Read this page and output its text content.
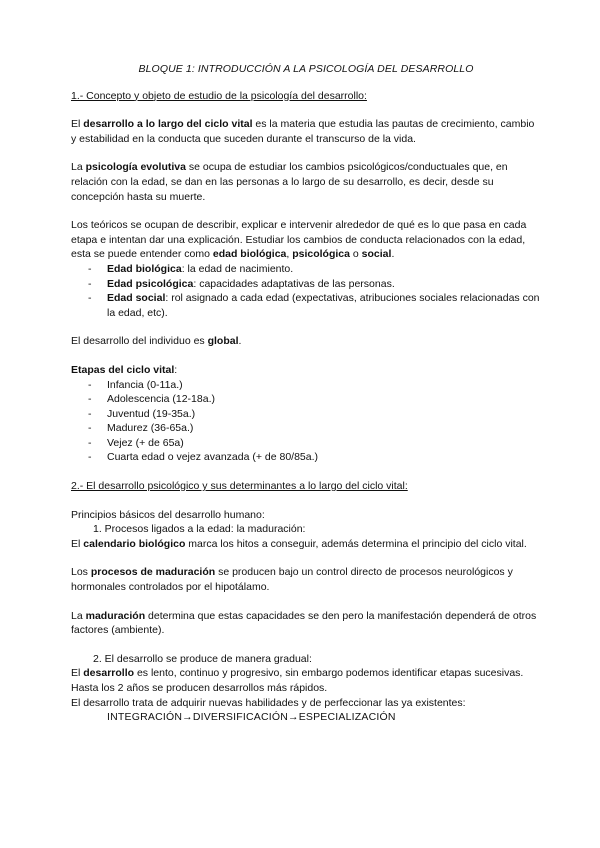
BLOQUE 1: INTRODUCCIÓN A LA PSICOLOGÍA DEL DESARROLLO
1.- Concepto y objeto de estudio de la psicología del desarrollo:

El desarrollo a lo largo del ciclo vital es la materia que estudia las pautas de crecimiento, cambio y estabilidad en la conducta que suceden durante el transcurso de la vida.

La psicología evolutiva se ocupa de estudiar los cambios psicológicos/conductuales que, en relación con la edad, se dan en las personas a lo largo de su desarrollo, es decir, desde su concepción hasta su muerte.

Los teóricos se ocupan de describir, explicar e intervenir alrededor de qué es lo que pasa en cada etapa e intentan dar una explicación. Estudiar los cambios de conducta relacionados con la edad, esta se puede entender como edad biológica, psicológica o social.

- Edad biológica: la edad de nacimiento.
- Edad psicológica: capacidades adaptativas de las personas.
- Edad social: rol asignado a cada edad (expectativas, atribuciones sociales relacionadas con la edad, etc).

El desarrollo del individuo es global.

Etapas del ciclo vital:

- Infancia (0-11a.)
- Adolescencia (12-18a.)
- Juventud (19-35a.)
- Madurez (36-65a.)
- Vejez (+ de 65a)
- Cuarta edad o vejez avanzada (+ de 80/85a.)
2.- El desarrollo psicológico y sus determinantes a lo largo del ciclo vital:

Principios básicos del desarrollo humano:

1. Procesos ligados a la edad: la maduración:

El calendario biológico marca los hitos a conseguir, además determina el principio del ciclo vital.

Los procesos de maduración se producen bajo un control directo de procesos neurológicos y hormonales controlados por el hipotálamo.

La maduración determina que estas capacidades se den pero la manifestación dependerá de otros factores (ambiente).

2. El desarrollo se produce de manera gradual:

El desarrollo es lento, continuo y progresivo, sin embargo podemos identificar etapas sucesivas. Hasta los 2 años se producen desarrollos más rápidos.

El desarrollo trata de adquirir nuevas habilidades y de perfeccionar las ya existentes:

INTEGRACIÓN→DIVERSIFICACIÓN→ESPECIALIZACIÓN
